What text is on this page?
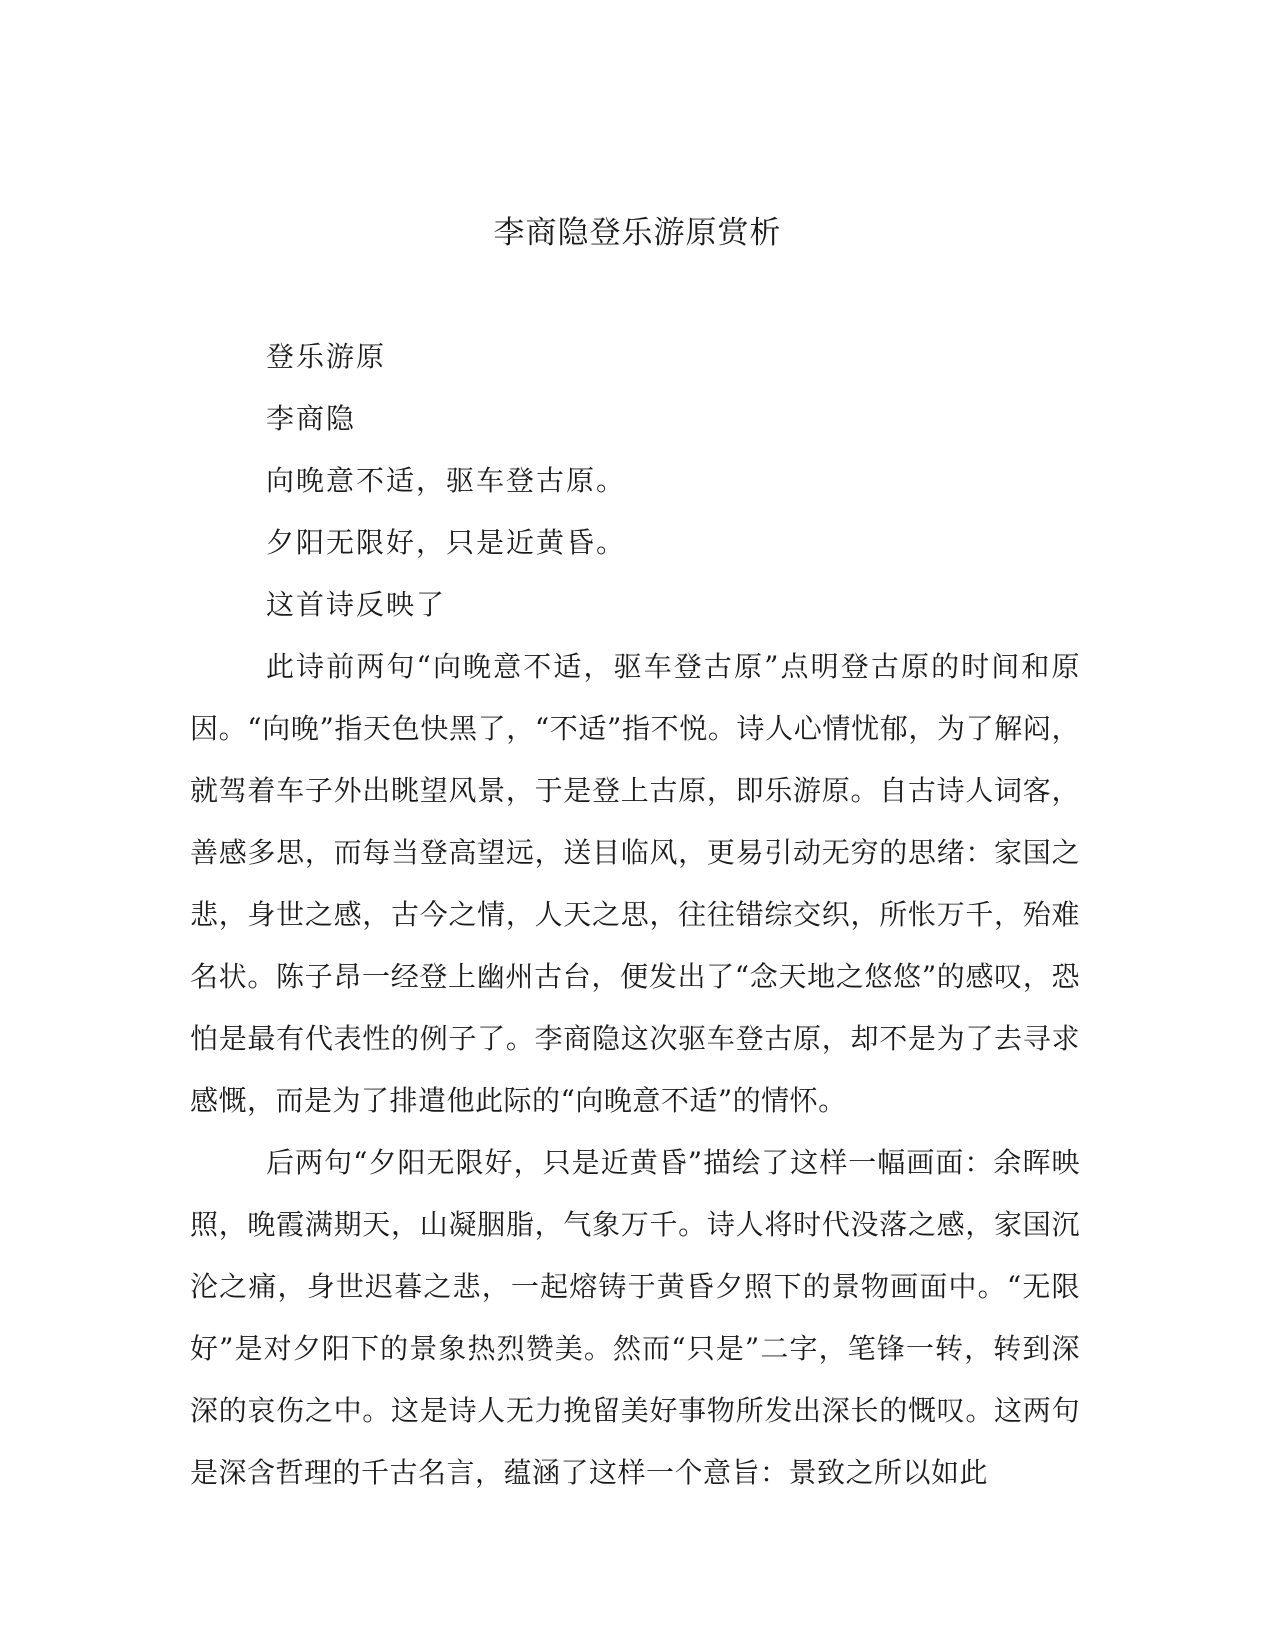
李商隐登乐游原赏析
登乐游原
李商隐
向晚意不适，驱车登古原。
夕阳无限好，只是近黄昏。
这首诗反映了

此诗前两句“向晚意不适，驱车登古原”点明登古原的时间和原因。“向晚”指天色快黑了，“不适”指不悦。诗人心情忧郁，为了解闷，就驾着车子外出眺望风景，于是登上古原，即乐游原。自古诗人词客，善感多思，而每当登高望远，送目临风，更易引动无穷的思绪：家国之悲，身世之感，古今之情，人天之思，往往错综交织，所怅万千，殆难名状。陈子昂一经登上幽州古台，便发出了“念天地之悠悠”的感叹，恐怕是最有代表性的例子了。李商隐这次驱车登古原，却不是为了去寻求感慨，而是为了排遣他此际的“向晚意不适”的情怀。

后两句“夕阳无限好，只是近黄昏”描绘了这样一幅画面：余晖映照，晚霞满期天，山凝胭脂，气象万千。诗人将时代没落之感，家国沉沦之痛，身世迟暮之悲，一起熔铸于黄昏夕照下的景物画面中。“无限好”是对夕阳下的景象热烈赞美。然而“只是”二字，笔锋一转，转到深深的哀伤之中。这是诗人无力挽留美好事物所发出深长的慨叹。这两句是深含哲理的千古名言，蕴涵了这样一个意旨：景致之所以如此
